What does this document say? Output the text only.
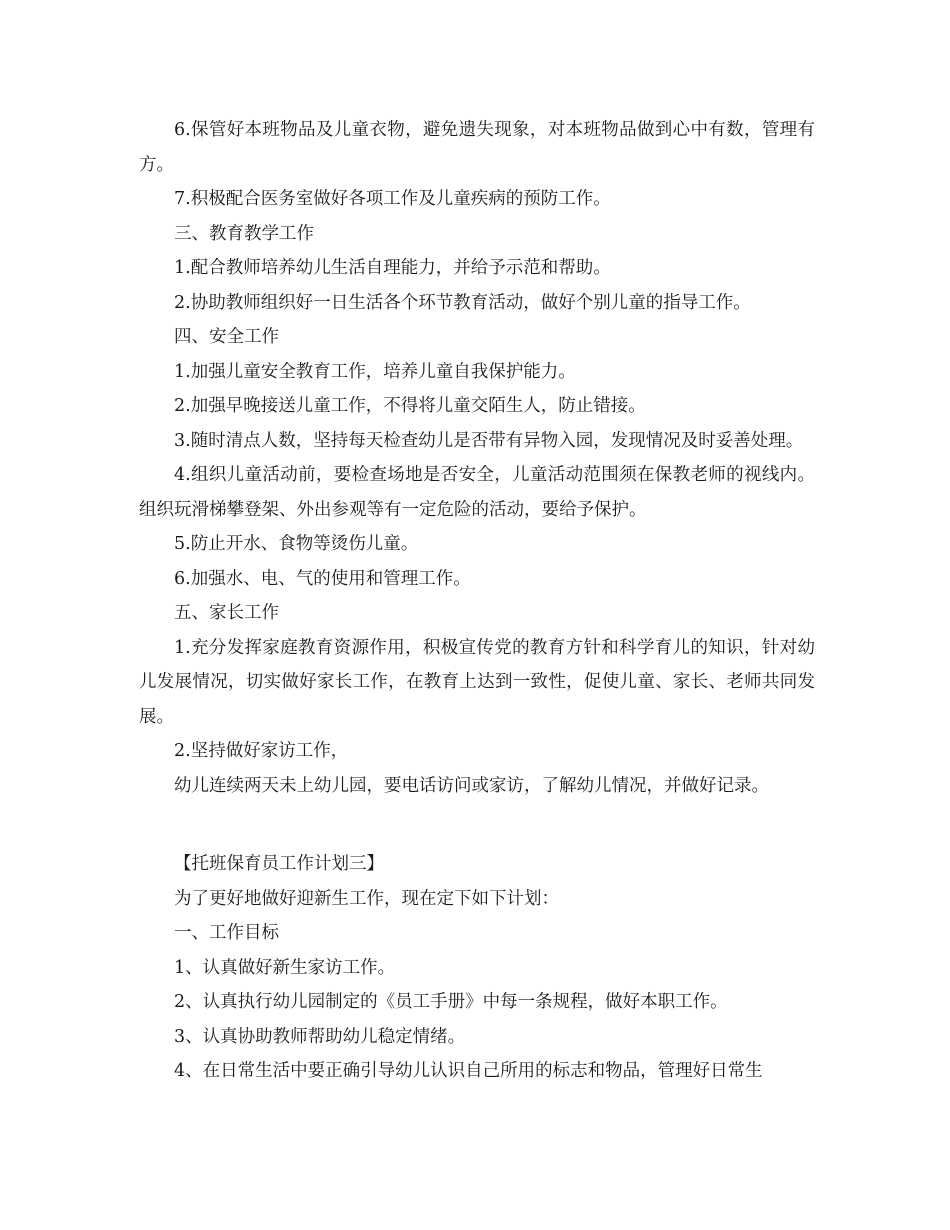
6.保管好本班物品及儿童衣物，避免遗失现象，对本班物品做到心中有数，管理有方。

7.积极配合医务室做好各项工作及儿童疾病的预防工作。

三、教育教学工作

1.配合教师培养幼儿生活自理能力，并给予示范和帮助。

2.协助教师组织好一日生活各个环节教育活动，做好个别儿童的指导工作。

四、安全工作

1.加强儿童安全教育工作，培养儿童自我保护能力。

2.加强早晚接送儿童工作，不得将儿童交陌生人，防止错接。

3.随时清点人数，坚持每天检查幼儿是否带有异物入园，发现情况及时妥善处理。

4.组织儿童活动前，要检查场地是否安全，儿童活动范围须在保教老师的视线内。组织玩滑梯攀登架、外出参观等有一定危险的活动，要给予保护。

5.防止开水、食物等烫伤儿童。

6.加强水、电、气的使用和管理工作。

五、家长工作

1.充分发挥家庭教育资源作用，积极宣传党的教育方针和科学育儿的知识，针对幼儿发展情况，切实做好家长工作，在教育上达到一致性，促使儿童、家长、老师共同发展。

2.坚持做好家访工作，

幼儿连续两天未上幼儿园，要电话访问或家访，了解幼儿情况，并做好记录。

【托班保育员工作计划三】

为了更好地做好迎新生工作，现在定下如下计划：

一、工作目标

1、认真做好新生家访工作。

2、认真执行幼儿园制定的《员工手册》中每一条规程，做好本职工作。

3、认真协助教师帮助幼儿稳定情绪。

4、在日常生活中要正确引导幼儿认识自己所用的标志和物品，管理好日常生
